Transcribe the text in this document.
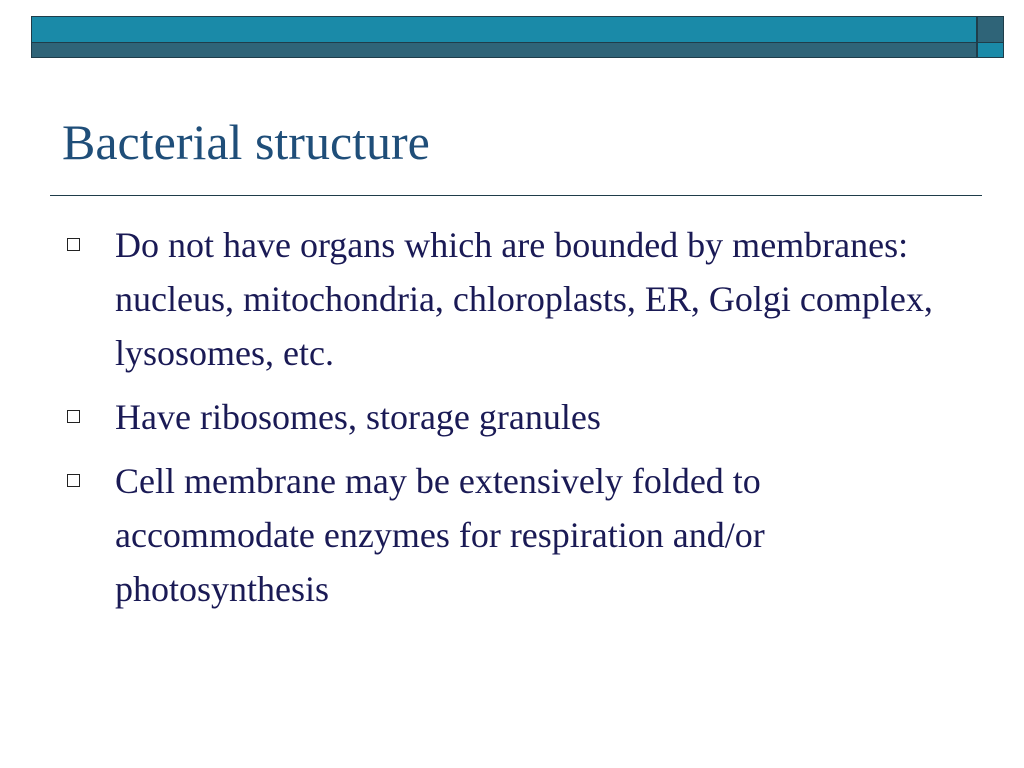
Bacterial structure
Do not have organs which are bounded by membranes: nucleus, mitochondria, chloroplasts, ER, Golgi complex, lysosomes, etc.
Have ribosomes, storage granules
Cell membrane may be extensively folded to accommodate enzymes for respiration and/or photosynthesis
